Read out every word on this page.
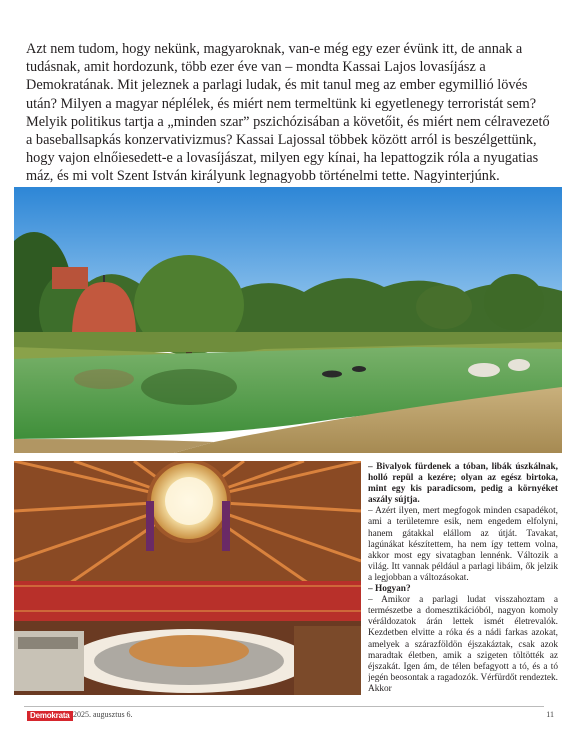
Azt nem tudom, hogy nekünk, magyaroknak, van-e még egy ezer évünk itt, de annak a tudásnak, amit hordozunk, több ezer éve van – mondta Kassai Lajos lovasíjász a Demokratának. Mit jeleznek a parlagi ludak, és mit tanul meg az ember egymillió lövés után? Milyen a magyar néplélek, és miért nem termeltünk ki egyetlenegy terroristát sem? Melyik politikus tartja a „minden szar” pszichózisában a követőit, és miért nem célravezető a baseballsapkás konzervativizmus? Kassai Lajossal többek között arról is beszélgettünk, hogy vajon elnőiesedett-e a lovasíjászat, milyen egy kínai, ha lepattogzik róla a nyugatias máz, és mi volt Szent István királyunk legnagyobb történelmi tette. Nagyinterjúnk.

– Bivalyok fürdenek a tóban, libák úszkálnak, holló repül a kezére; olyan az egész birtoka, mint egy kis paradicsom, pedig a környéket aszály sújtja.

– Azért ilyen, mert megfogok minden csapadékot, ami a területemre esik, nem engedem elfolyni, hanem gátakkal elállom az útját. Tavakat, lagúnákat készítettem, ha nem így tettem volna, akkor most egy sivatagban lennénk. Változik a világ. Itt vannak például a parlagi libáim, ők jelzik a legjobban a változásokat.

– Hogyan?

– Amikor a parlagi ludat visszahoztam a természetbe a domesztikációból, nagyon komoly véráldozatok árán lettek ismét életrevalók. Kezdetben elvitte a róka és a nádi farkas azokat, amelyek a szárazföldön éjszakáztak, csak azok maradtak életben, amik a szigeten töltötték az éjszakát. Igen ám, de télen befagyott a tó, és a tó jegén beosontak a ragadozók. Vérfürdőt rendeztek. Akkor

Demokrata 2025. augusztus 6.	11
